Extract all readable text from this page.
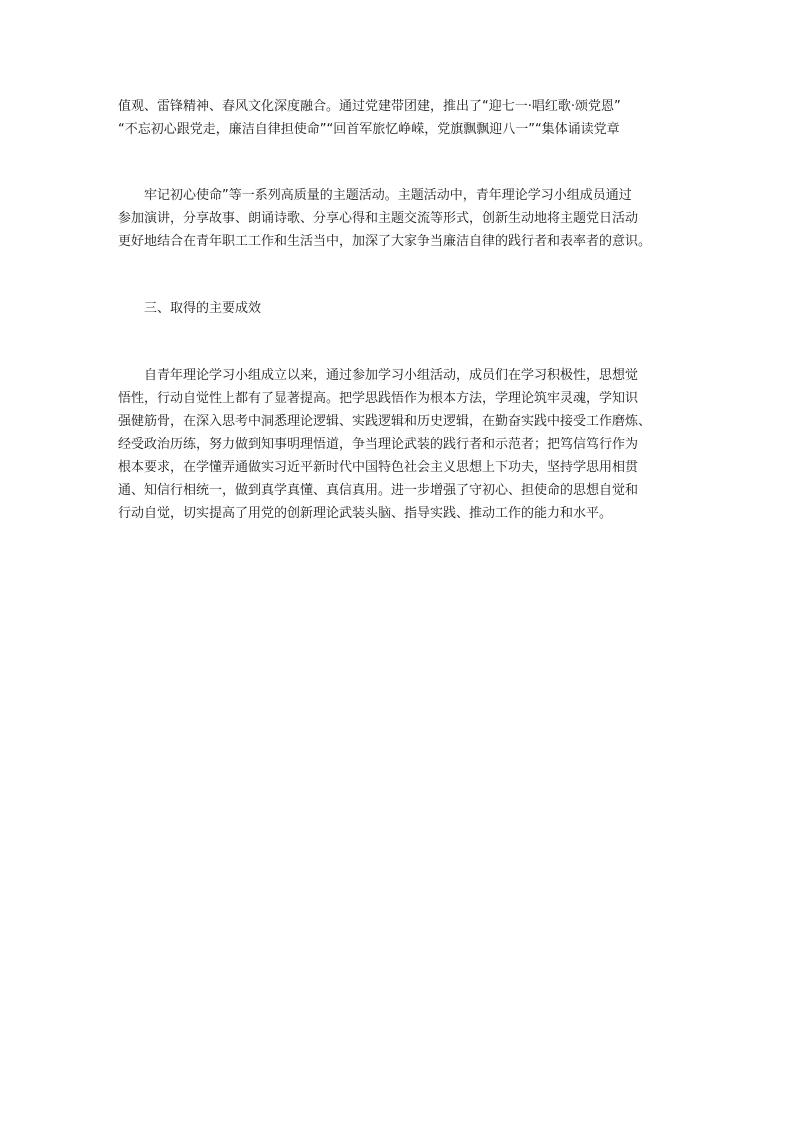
值观、雷锋精神、春风文化深度融合。通过党建带团建，推出了“迎七一·唱红歌·颂党恩”
“不忘初心跟党走，廉洁自律担使命”“回首军旅忆峥嵘，党旗飘飘迎八一”“集体诵读党章

　　牢记初心使命”等一系列高质量的主题活动。主题活动中，青年理论学习小组成员通过
参加演讲，分享故事、朗诵诗歌、分享心得和主题交流等形式，创新生动地将主题党日活动
更好地结合在青年职工工作和生活当中，加深了大家争当廉洁自律的践行者和表率者的意识。

　　三、取得的主要成效

　　自青年理论学习小组成立以来，通过参加学习小组活动，成员们在学习积极性，思想觉
悟性，行动自觉性上都有了显著提高。把学思践悟作为根本方法，学理论筑牢灵魂，学知识
强健筋骨，在深入思考中洞悉理论逻辑、实践逻辑和历史逻辑，在勤奋实践中接受工作磨炼、
经受政治历练，努力做到知事明理悟道，争当理论武装的践行者和示范者；把笃信笃行作为
根本要求，在学懂弄通做实习近平新时代中国特色社会主义思想上下功夫，坚持学思用相贯
通、知信行相统一，做到真学真懂、真信真用。进一步增强了守初心、担使命的思想自觉和
行动自觉，切实提高了用党的创新理论武装头脑、指导实践、推动工作的能力和水平。
